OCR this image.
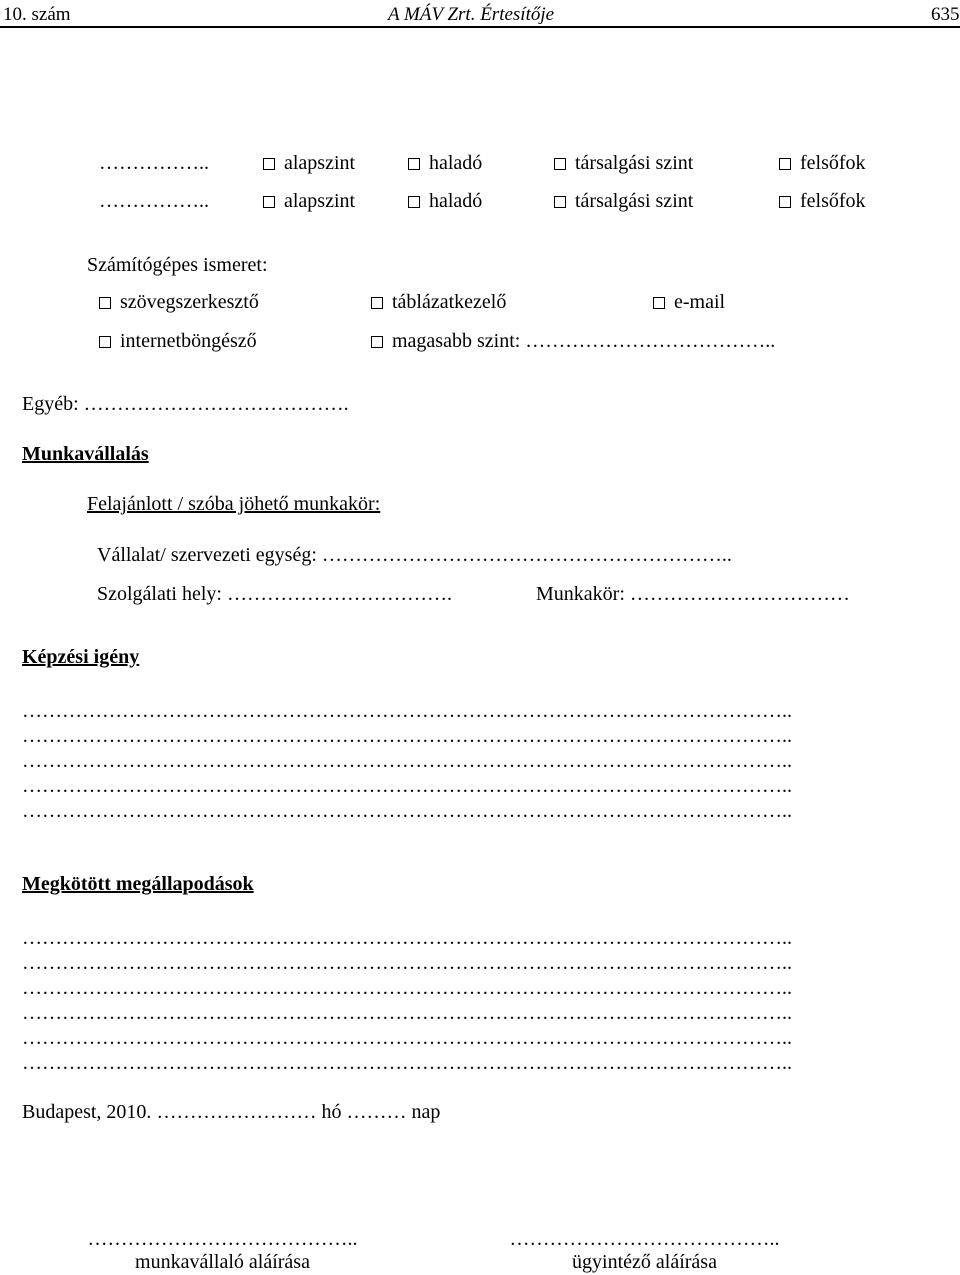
10. szám	A MÁV Zrt. Értesítője	635
……………..	alapszint	haladó	társalgási szint	felsőfok
……………..	alapszint	haladó	társalgási szint	felsőfok
Számítógépes ismeret:
szövegszerkesztő	táblázatkezelő	e-mail
internetböngésző	magasabb szint: ………………………………..
Egyéb: ………………………………….
Munkavállalás
Felajánlott / szóba jöhető munkakör:
Vállalat/ szervezeti egység: ……………………………………………………..
Szolgálati hely: …………………………….	Munkakör: ……………………………
Képzési igény
……………………………………………………………………………………………………..
……………………………………………………………………………………………………..
……………………………………………………………………………………………………..
……………………………………………………………………………………………………..
……………………………………………………………………………………………………..
Megkötött megállapodások
……………………………………………………………………………………………………..
……………………………………………………………………………………………………..
……………………………………………………………………………………………………..
……………………………………………………………………………………………………..
……………………………………………………………………………………………………..
……………………………………………………………………………………………………..
Budapest, 2010. …………………… hó ……… nap
…………………………………..
munkavállaló aláírása
…………………………………..
ügyintéző aláírása
